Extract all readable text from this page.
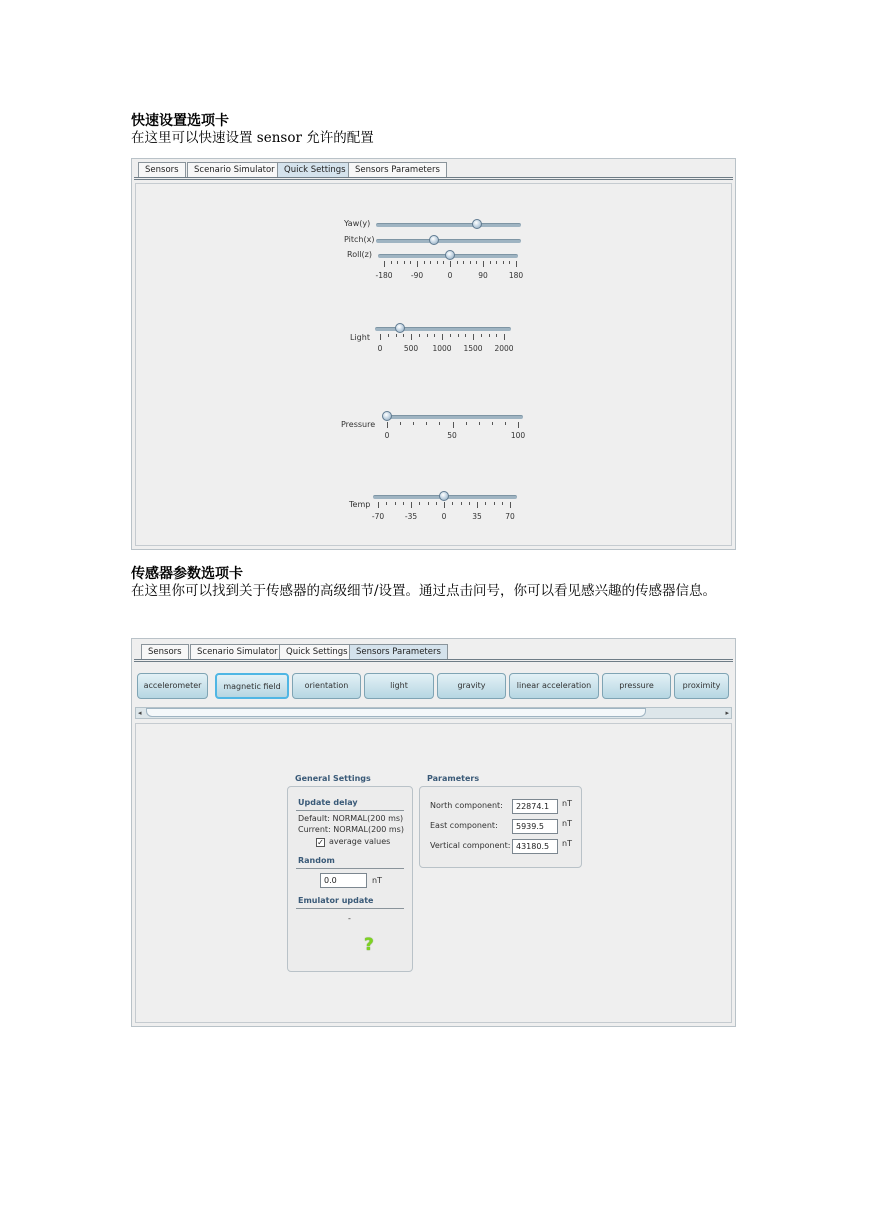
快速设置选项卡
在这里可以快速设置 sensor 允许的配置
Sensors	Scenario Simulator	Quick Settings	Sensors Parameters
Yaw(y)
Pitch(x)
Roll(z)
-180 -90	0	90	180
Light
0	500 1000 1500 2000
Pressure
0	50	100
Temp
-70	-35	0	35	70
传感器参数选项卡
在这里你可以找到关于传感器的高级细节/设置。通过点击问号，你可以看见感兴趣的传感器信息。
Sensors	Scenario Simulator Quick Settings Sensors Parameters
accelerometer	magnetic field	orientation	light	gravity	linear acceleration	pressure	proximity
◂	▸
General Settings
Update delay
Default: NORMAL(200 ms)
Current: NORMAL(200 ms)
✓ average values
Random
0.0	nT
Emulator update
-
?
Parameters
North component:	22874.1	nT
East component:	5939.5	nT
Vertical component: 43180.5	nT
